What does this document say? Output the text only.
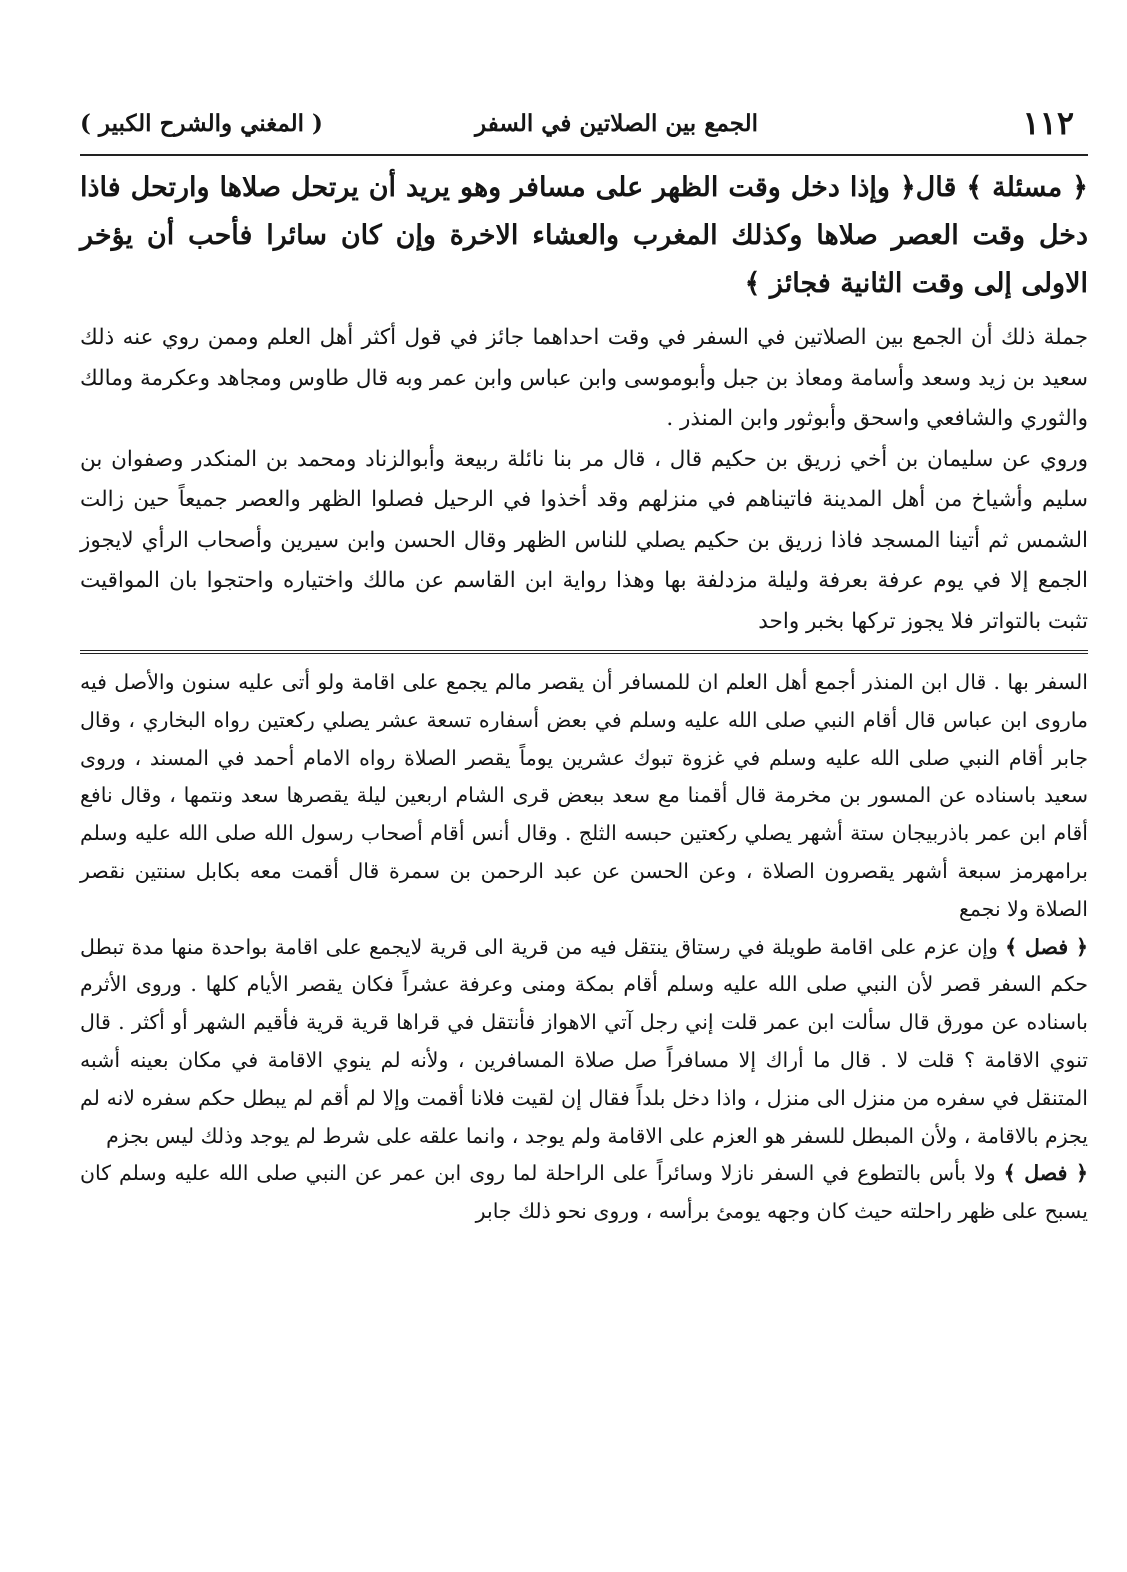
١١٢
الجمع بين الصلاتين في السفر
( المغني والشرح الكبير )

﴿ مسئلة ﴾ قال﴿ وإذا دخل وقت الظهر على مسافر وهو يريد أن يرتحل صلاها وارتحل فاذا دخل وقت العصر صلاها وكذلك المغرب والعشاء الاخرة وإن كان سائرا فأحب أن يؤخر الاولى إلى وقت الثانية فجائز ﴾

جملة ذلك أن الجمع بين الصلاتين في السفر في وقت احداهما جائز في قول أكثر أهل العلم وممن روي عنه ذلك سعيد بن زيد وسعد وأسامة ومعاذ بن جبل وأبوموسى وابن عباس وابن عمر وبه قال طاوس ومجاهد وعكرمة ومالك والثوري والشافعي واسحق وأبوثور وابن المنذر .

وروي عن سليمان بن أخي زريق بن حكيم قال ، قال مر بنا نائلة ربيعة وأبوالزناد ومحمد بن المنكدر وصفوان بن سليم وأشياخ من أهل المدينة فاتيناهم في منزلهم وقد أخذوا في الرحيل فصلوا الظهر والعصر جميعاً حين زالت الشمس ثم أتينا المسجد فاذا زريق بن حكيم يصلي للناس الظهر وقال الحسن وابن سيرين وأصحاب الرأي لايجوز الجمع إلا في يوم عرفة بعرفة وليلة مزدلفة بها وهذا رواية ابن القاسم عن مالك واختياره واحتجوا بان المواقيت تثبت بالتواتر فلا يجوز تركها بخبر واحد

السفر بها . قال ابن المنذر أجمع أهل العلم ان للمسافر أن يقصر مالم يجمع على اقامة ولو أتى عليه سنون والأصل فيه ماروى ابن عباس قال أقام النبي صلى الله عليه وسلم في بعض أسفاره تسعة عشر يصلي ركعتين رواه البخاري ، وقال جابر أقام النبي صلى الله عليه وسلم في غزوة تبوك عشرين يوماً يقصر الصلاة رواه الامام أحمد في المسند ، وروى سعيد باسناده عن المسور بن مخرمة قال أقمنا مع سعد ببعض قرى الشام اربعين ليلة يقصرها سعد ونتمها ، وقال نافع أقام ابن عمر باذربيجان ستة أشهر يصلي ركعتين حبسه الثلج . وقال أنس أقام أصحاب رسول الله صلى الله عليه وسلم برامهرمز سبعة أشهر يقصرون الصلاة ، وعن الحسن عن عبد الرحمن بن سمرة قال أقمت معه بكابل سنتين نقصر الصلاة ولا نجمع

﴿ فصل ﴾ وإن عزم على اقامة طويلة في رستاق ينتقل فيه من قرية الى قرية لايجمع على اقامة بواحدة منها مدة تبطل حكم السفر قصر لأن النبي صلى الله عليه وسلم أقام بمكة ومنى وعرفة عشراً فكان يقصر الأيام كلها . وروى الأثرم باسناده عن مورق قال سألت ابن عمر قلت إني رجل آتي الاهواز فأنتقل في قراها قرية قرية فأقيم الشهر أو أكثر . قال تنوي الاقامة ؟ قلت لا . قال ما أراك إلا مسافراً صل صلاة المسافرين ، ولأنه لم ينوي الاقامة في مكان بعينه أشبه المتنقل في سفره من منزل الى منزل ، واذا دخل بلداً فقال إن لقيت فلانا أقمت وإلا لم أقم لم يبطل حكم سفره لانه لم يجزم بالاقامة ، ولأن المبطل للسفر هو العزم على الاقامة ولم يوجد ، وانما علقه على شرط لم يوجد وذلك ليس بجزم

﴿ فصل ﴾ ولا بأس بالتطوع في السفر نازلا وسائراً على الراحلة لما روى ابن عمر عن النبي صلى الله عليه وسلم كان يسبح على ظهر راحلته حيث كان وجهه يومئ برأسه ، وروى نحو ذلك جابر
